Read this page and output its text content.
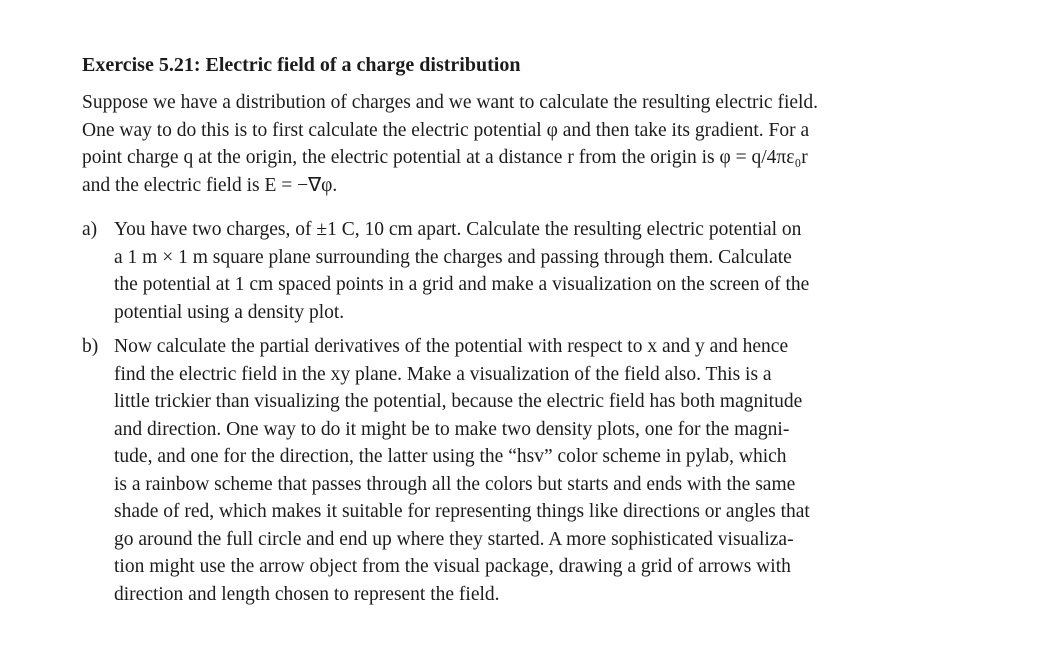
Exercise 5.21: Electric field of a charge distribution

Suppose we have a distribution of charges and we want to calculate the resulting electric field.

One way to do this is to first calculate the electric potential φ and then take its gradient. For a

point charge q at the origin, the electric potential at a distance r from the origin is φ = q/4πε₀r

and the electric field is E = −∇φ.

a) You have two charges, of ±1 C, 10 cm apart. Calculate the resulting electric potential on

a 1 m × 1 m square plane surrounding the charges and passing through them. Calculate

the potential at 1 cm spaced points in a grid and make a visualization on the screen of the

potential using a density plot.

b) Now calculate the partial derivatives of the potential with respect to x and y and hence

find the electric field in the xy plane. Make a visualization of the field also. This is a

little trickier than visualizing the potential, because the electric field has both magnitude

and direction. One way to do it might be to make two density plots, one for the magni-

tude, and one for the direction, the latter using the “hsv” color scheme in pylab, which

is a rainbow scheme that passes through all the colors but starts and ends with the same

shade of red, which makes it suitable for representing things like directions or angles that

go around the full circle and end up where they started. A more sophisticated visualiza-

tion might use the arrow object from the visual package, drawing a grid of arrows with

direction and length chosen to represent the field.
